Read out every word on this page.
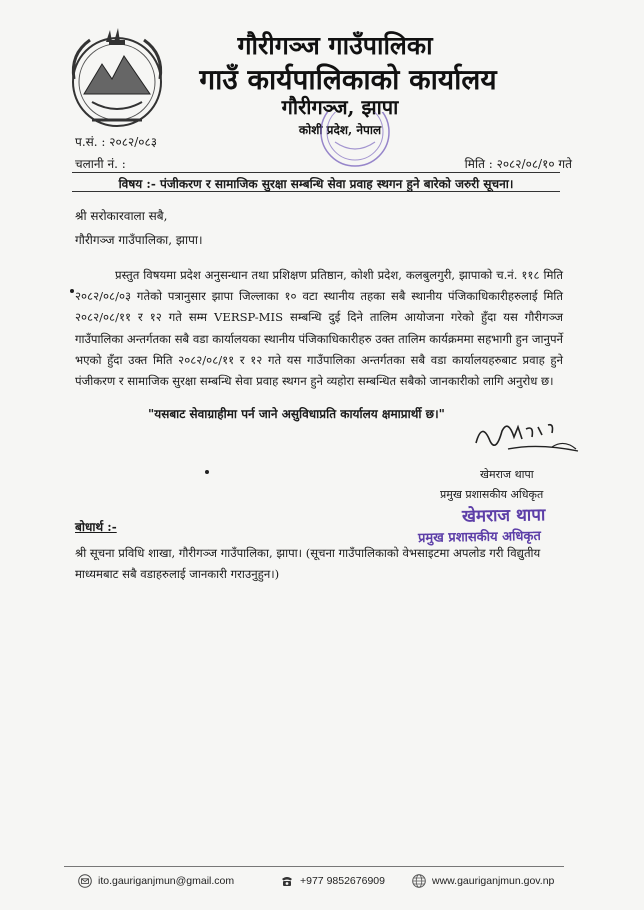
गौरीगञ्ज गाउँपालिका
गाउँ कार्यपालिकाको कार्यालय
गौरीगञ्ज, झापा
कोशी प्रदेश, नेपाल
प.सं. : २०८२/०८३
चलानी नं. :	मिति : २०८२/०८/१० गते
विषय :- पंजीकरण र सामाजिक सुरक्षा सम्बन्धि सेवा प्रवाह स्थगन हुने बारेको जरुरी सूचना।
श्री सरोकारवाला सबै,
गौरीगञ्ज गाउँपालिका, झापा।
प्रस्तुत विषयमा प्रदेश अनुसन्धान तथा प्रशिक्षण प्रतिष्ठान, कोशी प्रदेश, कलबुलगुरी, झापाको च.नं. ११८ मिति २०८२/०८/०३ गतेको पत्रानुसार झापा जिल्लाका १० वटा स्थानीय तहका सबै स्थानीय पंजिकाधिकारीहरुलाई मिति २०८२/०८/११ र १२ गते सम्म VERSP-MIS सम्बन्धि दुई दिने तालिम आयोजना गरेको हुँदा यस गौरीगञ्ज गाउँपालिका अन्तर्गतका सबै वडा कार्यालयका स्थानीय पंजिकाधिकारीहरु उक्त तालिम कार्यक्रममा सहभागी हुन जानुपर्ने भएको हुँदा उक्त मिति २०८२/०८/११ र १२ गते यस गाउँपालिका अन्तर्गतका सबै वडा कार्यालयहरुबाट प्रवाह हुने पंजीकरण र सामाजिक सुरक्षा सम्बन्धि सेवा प्रवाह स्थगन हुने व्यहोरा सम्बन्धित सबैको जानकारीको लागि अनुरोध छ।
"यसबाट सेवाग्राहीमा पर्न जाने असुविधाप्रति कार्यालय क्षमाप्रार्थी छ।"
खेमराज थापा
प्रमुख प्रशासकीय अधिकृत
खेमराज थापा
प्रमुख प्रशासकीय अधिकृत
बोधार्थ :-
श्री सूचना प्रविधि शाखा, गौरीगञ्ज गाउँपालिका, झापा। (सूचना गाउँपालिकाको वेभसाइटमा अपलोड गरी विद्युतीय माध्यमबाट सबै वडाहरुलाई जानकारी गराउनुहुन।)
ito.gauriganjmun@gmail.com	+977 9852676909	www.gauriganjmun.gov.np
